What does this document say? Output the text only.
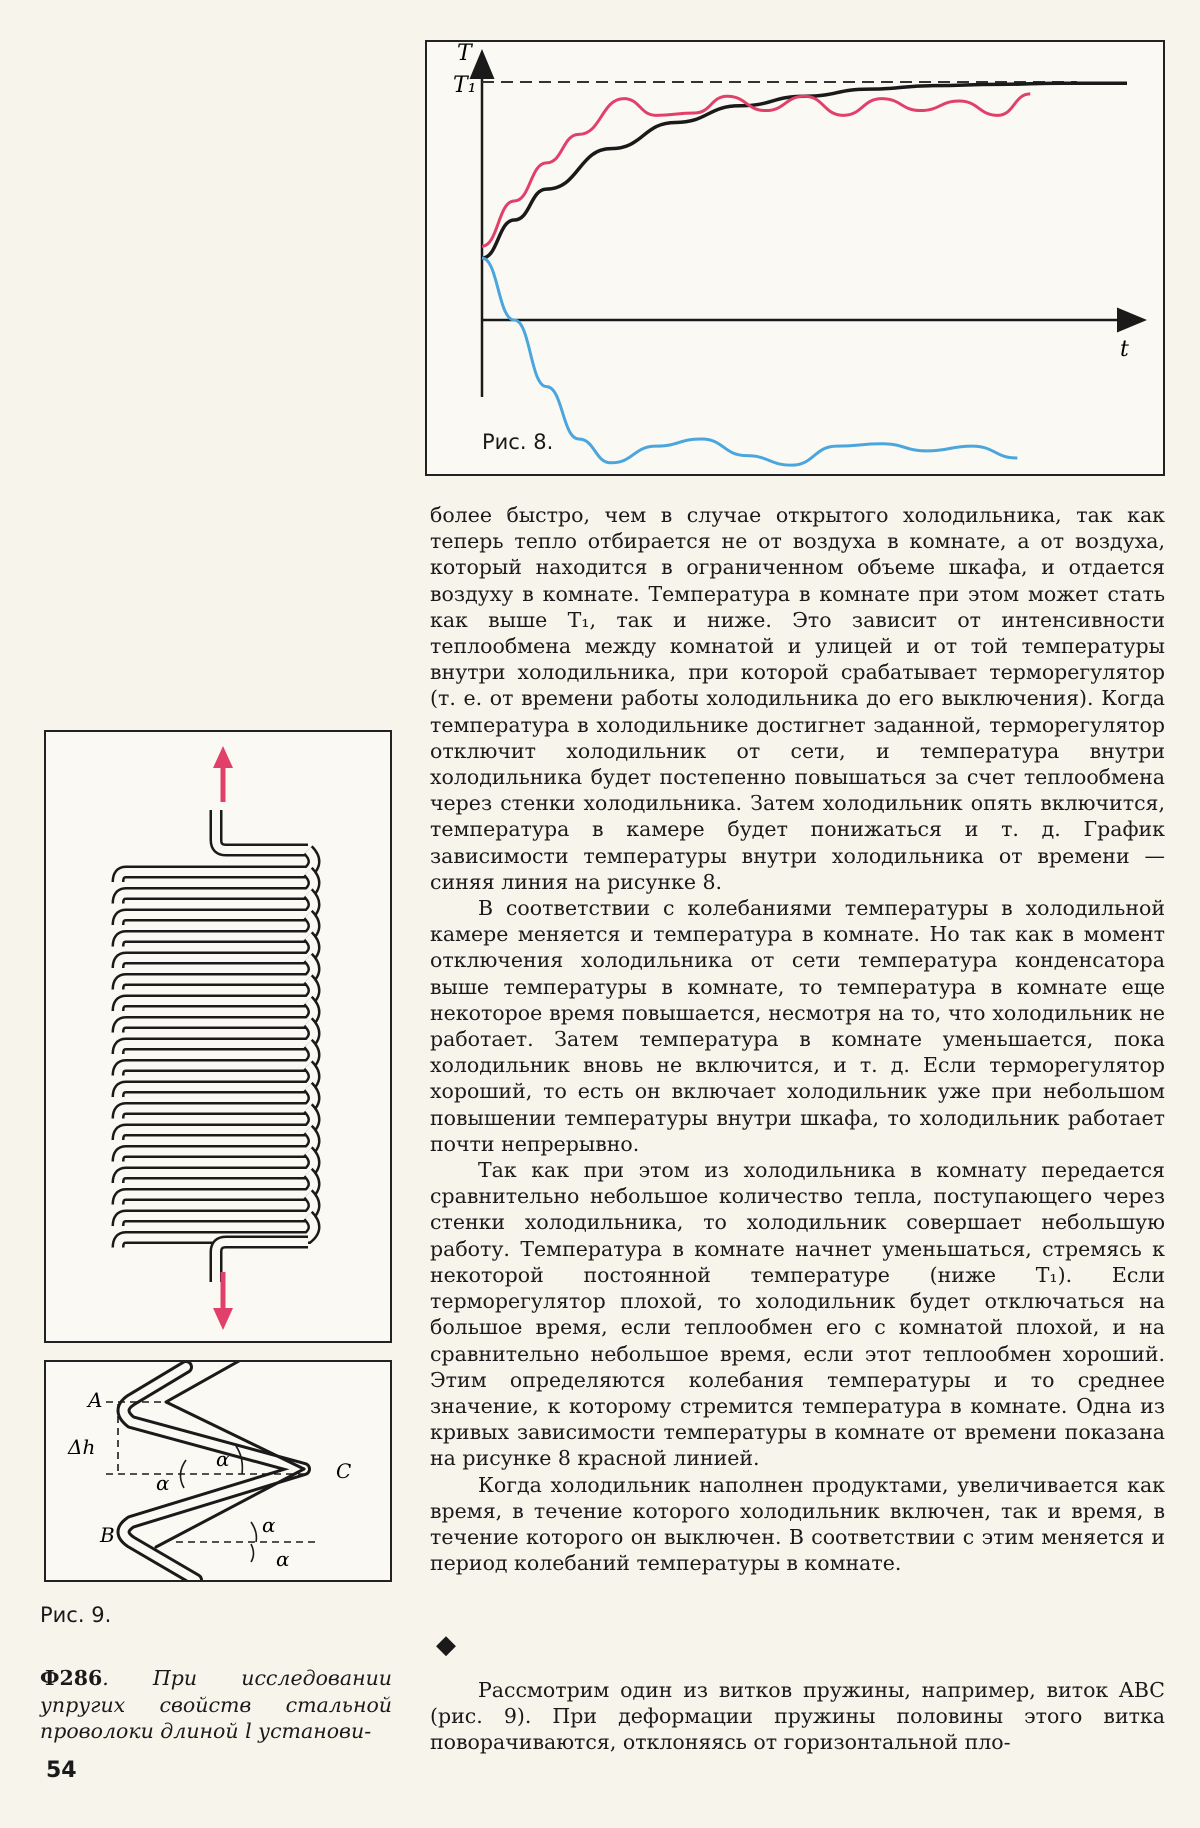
T
T₁
t
Рис. 8.
A
Δh	α	C
α
α
B
α
Рис. 9.
Ф286. При исследовании упругих свойств стальной проволоки длиной l установи-

более быстро, чем в случае открытого холодильника, так как теперь тепло отбирается не от воздуха в комнате, а от воздуха, который находится в ограниченном объеме шкафа, и отдается воздуху в комнате. Температура в комнате при этом может стать как выше T₁, так и ниже. Это зависит от интенсивности теплообмена между комнатой и улицей и от той температуры внутри холодильника, при которой срабатывает терморегулятор (т. е. от времени работы холодильника до его выключения). Когда температура в холодильнике достигнет заданной, терморегулятор отключит холодильник от сети, и температура внутри холодильника будет постепенно повышаться за счет теплообмена через стенки холодильника. Затем холодильник опять включится, температура в камере будет понижаться и т. д. График зависимости температуры внутри холодильника от времени — синяя линия на рисунке 8.

В соответствии с колебаниями температуры в холодильной камере меняется и температура в комнате. Но так как в момент отключения холодильника от сети температура конденсатора выше температуры в комнате, то температура в комнате еще некоторое время повышается, несмотря на то, что холодильник не работает. Затем температура в комнате уменьшается, пока холодильник вновь не включится, и т. д. Если терморегулятор хороший, то есть он включает холодильник уже при небольшом повышении температуры внутри шкафа, то холодильник работает почти непрерывно.

Так как при этом из холодильника в комнату передается сравнительно небольшое количество тепла, поступающего через стенки холодильника, то холодильник совершает небольшую работу. Температура в комнате начнет уменьшаться, стремясь к некоторой постоянной температуре (ниже T₁). Если терморегулятор плохой, то холодильник будет отключаться на большое время, если теплообмен его с комнатой плохой, и на сравнительно небольшое время, если этот теплообмен хороший. Этим определяются колебания температуры и то среднее значение, к которому стремится температура в комнате. Одна из кривых зависимости температуры в комнате от времени показана на рисунке 8 красной линией.

Когда холодильник наполнен продуктами, увеличивается как время, в течение которого холодильник включен, так и время, в течение которого он выключен. В соответствии с этим меняется и период колебаний температуры в комнате.

◆

Рассмотрим один из витков пружины, например, виток ABC (рис. 9). При деформации пружины половины этого витка поворачиваются, отклоняясь от горизонтальной пло-

54
